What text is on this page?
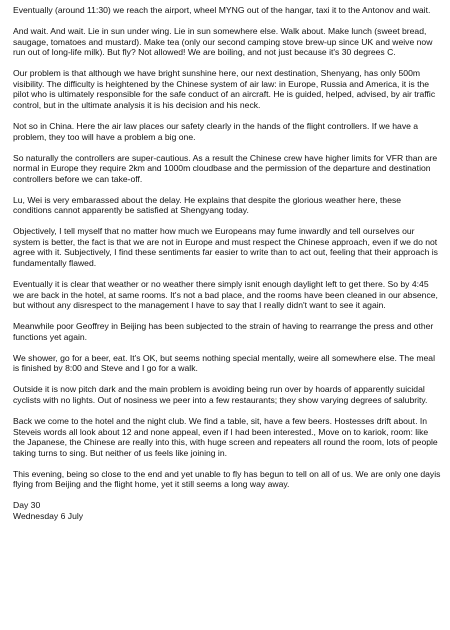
Eventually (around 11:30) we reach the airport, wheel MYNG out of the hangar, taxi it to the Antonov and wait.

And wait. And wait. Lie in sun under wing. Lie in sun somewhere else. Walk about. Make lunch (sweet bread, saugage, tomatoes and mustard). Make tea (only our second camping stove brew-up since UK and weive now run out of long-life milk). But fly? Not allowed! We are boiling, and not just because it's 30 degrees C.

Our problem is that although we have bright sunshine here, our next destination, Shenyang, has only 500m visibility. The difficulty is heightened by the Chinese system of air law: in Europe, Russia and America, it is the pilot who is ultimately responsible for the safe conduct of an aircraft. He is guided, helped, advised, by air traffic control, but in the ultimate analysis it is his decision and his neck.

Not so in China. Here the air law places our safety clearly in the hands of the flight controllers. If we have a problem, they too will have a problem a big one.

So naturally the controllers are super-cautious. As a result the Chinese crew have higher limits for VFR than are normal in Europe they require 2km and 1000m cloudbase and the permission of the departure and destination controllers before we can take-off.

Lu, Wei is very embarassed about the delay. He explains that despite the glorious weather here, these conditions cannot apparently be satisfied at Shengyang today.

Objectively, I tell myself that no matter how much we Europeans may fume inwardly and tell ourselves our system is better, the fact is that we are not in Europe and must respect the Chinese approach, even if we do not agree with it. Subjectively, I find these sentiments far easier to write than to act out, feeling that their approach is fundamentally flawed.

Eventually it is clear that weather or no weather there simply isnit enough daylight left to get there. So by 4:45 we are back in the hotel, at same rooms. It's not a bad place, and the rooms have been cleaned in our absence, but without any disrespect to the management I have to say that I really didn't want to see it again.

Meanwhile poor Geoffrey in Beijing has been subjected to the strain of having to rearrange the press and other functions yet again.

We shower, go for a beer, eat. It's OK, but seems nothing special mentally, weire all somewhere else. The meal is finished by 8:00 and Steve and I go for a walk.

Outside it is now pitch dark and the main problem is avoiding being run over by hoards of apparently suicidal cyclists with no lights. Out of nosiness we peer into a few restaurants; they show varying degrees of salubrity.

Back we come to the hotel and the night club. We find a table, sit, have a few beers. Hostesses drift about. In Steveis words all look about 12 and none appeal, even if I had been interested., Move on to kariok, room: like the Japanese, the Chinese are really into this, with huge screen and repeaters all round the room, lots of people taking turns to sing. But neither of us feels like joining in.

This evening, being so close to the end and yet unable to fly has begun to tell on all of us. We are only one dayis flying from Beijing and the flight home, yet it still seems a long way away.

Day 30

Wednesday 6 July
